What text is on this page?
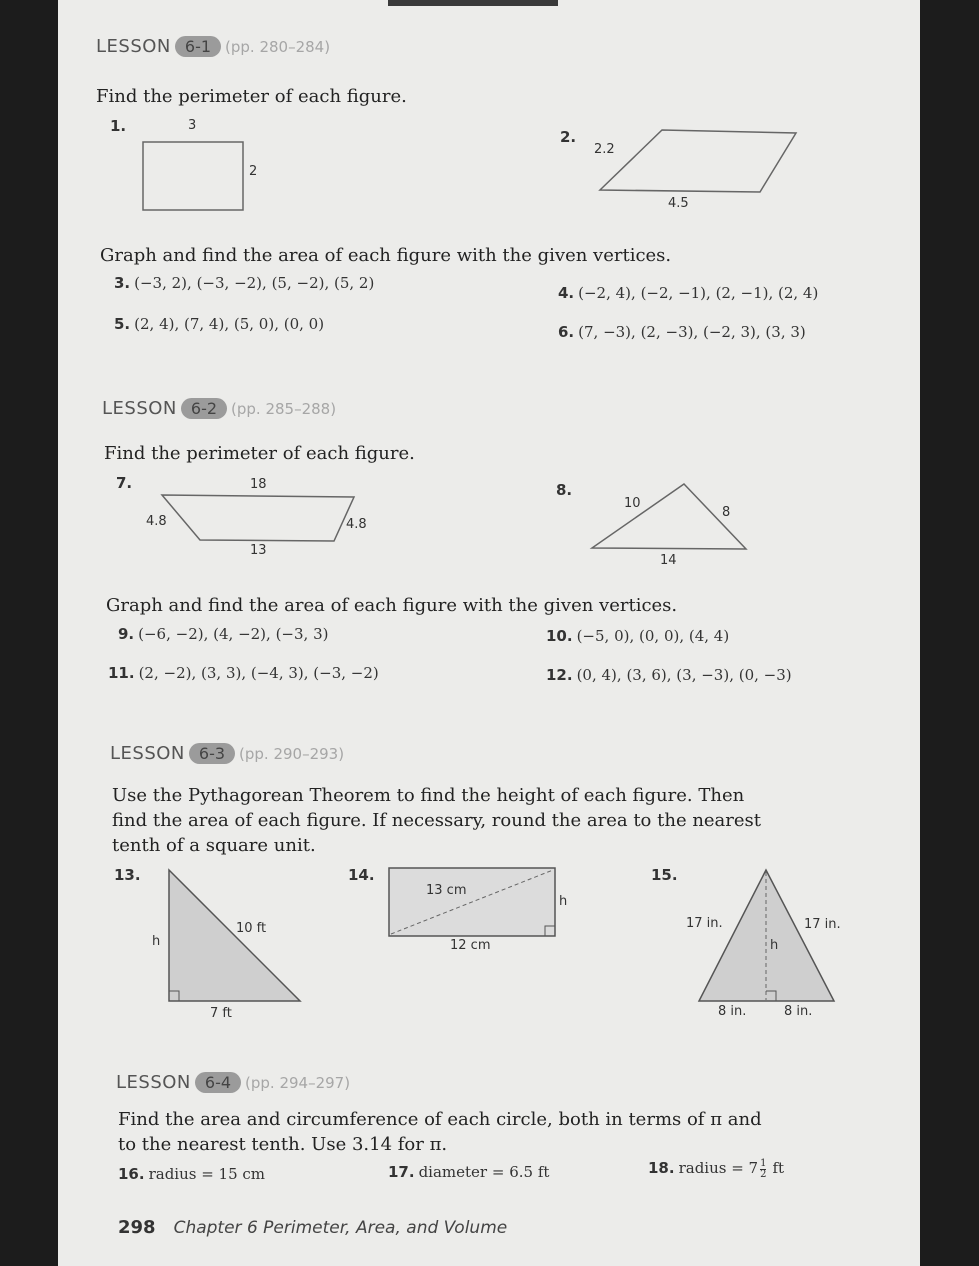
LESSON 6-1 (pp. 280–284)
Find the perimeter of each figure.
1.	3
2
2.
2.2
4.5
Graph and find the area of each figure with the given vertices.
3. (−3, 2), (−3, −2), (5, −2), (5, 2)
4. (−2, 4), (−2, −1), (2, −1), (2, 4)
5. (2, 4), (7, 4), (5, 0), (0, 0)	6. (7, −3), (2, −3), (−2, 3), (3, 3)
LESSON 6-2 (pp. 285–288)
Find the perimeter of each figure.
7.	18
4.8	4.8
13
8.
10
8
14
Graph and find the area of each figure with the given vertices.
9. (−6, −2), (4, −2), (−3, 3)	10. (−5, 0), (0, 0), (4, 4)
11. (2, −2), (3, 3), (−4, 3), (−3, −2)	12. (0, 4), (3, 6), (3, −3), (0, −3)
LESSON 6-3 (pp. 290–293)
Use the Pythagorean Theorem to find the height of each figure. Then
find the area of each figure. If necessary, round the area to the nearest
tenth of a square unit.
13.
10 ft
h
7 ft
14.
13 cm
h
12 cm
15.
17 in.	17 in.
h
8 in.	8 in.
LESSON 6-4 (pp. 294–297)
Find the area and circumference of each circle, both in terms of π and
to the nearest tenth. Use 3.14 for π.
16. radius = 15 cm	17. diameter = 6.5 ft	18. radius = $7 \frac{1}{2}$ ft
298 Chapter 6 Perimeter, Area, and Volume
